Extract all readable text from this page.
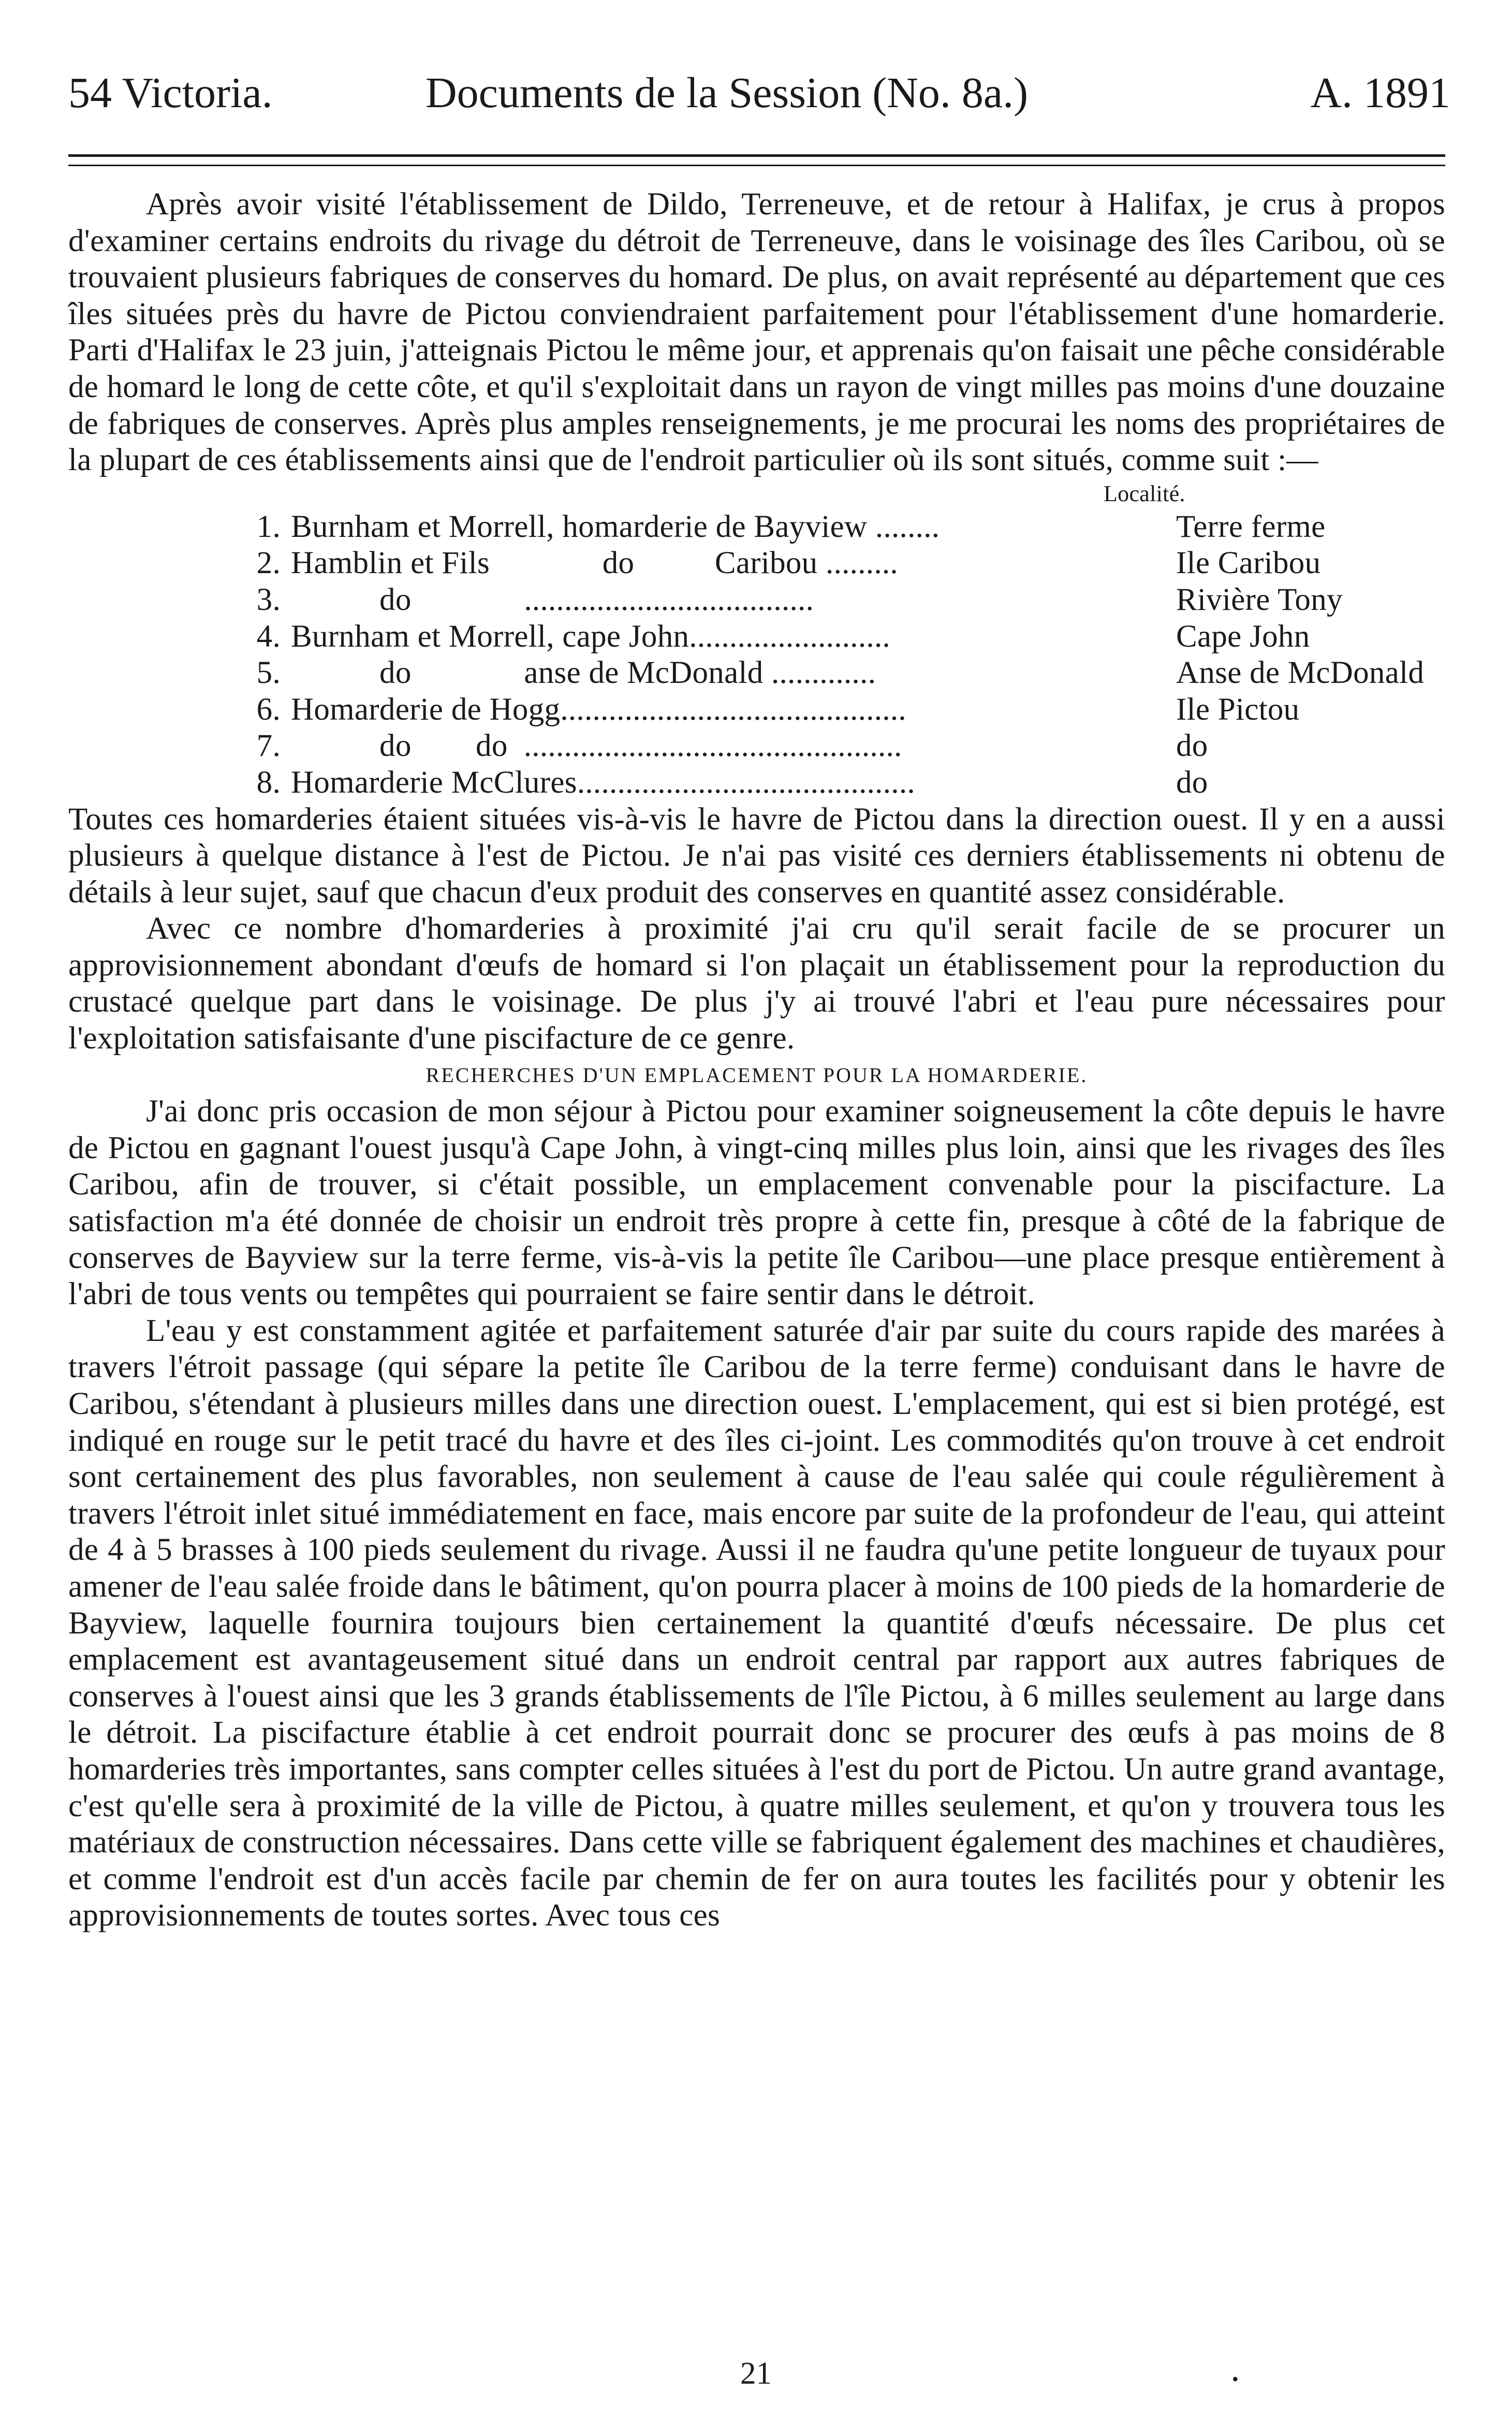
54 Victoria.	Documents de la Session (No. 8a.)	A. 1891

Après avoir visité l'établissement de Dildo, Terreneuve, et de retour à Halifax, je crus à propos d'examiner certains endroits du rivage du détroit de Terreneuve, dans le voisinage des îles Caribou, où se trouvaient plusieurs fabriques de conserves du homard. De plus, on avait représenté au département que ces îles situées près du havre de Pictou conviendraient parfaitement pour l'établissement d'une homarderie. Parti d'Halifax le 23 juin, j'atteignais Pictou le même jour, et apprenais qu'on faisait une pêche considérable de homard le long de cette côte, et qu'il s'exploitait dans un rayon de vingt milles pas moins d'une douzaine de fabriques de conserves. Après plus amples renseignements, je me procurai les noms des propriétaires de la plupart de ces établissements ainsi que de l'endroit particulier où ils sont situés, comme suit :—

Localité.
1. Burnham et Morrell, homarderie de Bayview ........	Terre ferme
2. Hamblin et Fils              do          Caribou .........	Ile Caribou
3. do              ....................................	Rivière Tony
4. Burnham et Morrell, cape John.........................	Cape John
5. do              anse de McDonald .............	Anse de McDonald
6. Homarderie de Hogg...........................................	Ile Pictou
7. do        do  ...............................................	do
8. Homarderie McClures..........................................	do

Toutes ces homarderies étaient situées vis-à-vis le havre de Pictou dans la direction ouest. Il y en a aussi plusieurs à quelque distance à l'est de Pictou. Je n'ai pas visité ces derniers établissements ni obtenu de détails à leur sujet, sauf que chacun d'eux produit des conserves en quantité assez considérable.

Avec ce nombre d'homarderies à proximité j'ai cru qu'il serait facile de se procurer un approvisionnement abondant d'œufs de homard si l'on plaçait un établissement pour la reproduction du crustacé quelque part dans le voisinage. De plus j'y ai trouvé l'abri et l'eau pure nécessaires pour l'exploitation satisfaisante d'une piscifacture de ce genre.

RECHERCHES D'UN EMPLACEMENT POUR LA HOMARDERIE.

J'ai donc pris occasion de mon séjour à Pictou pour examiner soigneusement la côte depuis le havre de Pictou en gagnant l'ouest jusqu'à Cape John, à vingt-cinq milles plus loin, ainsi que les rivages des îles Caribou, afin de trouver, si c'était possible, un emplacement convenable pour la piscifacture. La satisfaction m'a été donnée de choisir un endroit très propre à cette fin, presque à côté de la fabrique de conserves de Bayview sur la terre ferme, vis-à-vis la petite île Caribou—une place presque entièrement à l'abri de tous vents ou tempêtes qui pourraient se faire sentir dans le détroit.

L'eau y est constamment agitée et parfaitement saturée d'air par suite du cours rapide des marées à travers l'étroit passage (qui sépare la petite île Caribou de la terre ferme) conduisant dans le havre de Caribou, s'étendant à plusieurs milles dans une direction ouest. L'emplacement, qui est si bien protégé, est indiqué en rouge sur le petit tracé du havre et des îles ci-joint. Les commodités qu'on trouve à cet endroit sont certainement des plus favorables, non seulement à cause de l'eau salée qui coule régulièrement à travers l'étroit inlet situé immédiatement en face, mais encore par suite de la profondeur de l'eau, qui atteint de 4 à 5 brasses à 100 pieds seulement du rivage. Aussi il ne faudra qu'une petite longueur de tuyaux pour amener de l'eau salée froide dans le bâtiment, qu'on pourra placer à moins de 100 pieds de la homarderie de Bayview, laquelle fournira toujours bien certainement la quantité d'œufs nécessaire. De plus cet emplacement est avantageusement situé dans un endroit central par rapport aux autres fabriques de conserves à l'ouest ainsi que les 3 grands établissements de l'île Pictou, à 6 milles seulement au large dans le détroit. La piscifacture établie à cet endroit pourrait donc se procurer des œufs à pas moins de 8 homarderies très importantes, sans compter celles situées à l'est du port de Pictou. Un autre grand avantage, c'est qu'elle sera à proximité de la ville de Pictou, à quatre milles seulement, et qu'on y trouvera tous les matériaux de construction nécessaires. Dans cette ville se fabriquent également des machines et chaudières, et comme l'endroit est d'un accès facile par chemin de fer on aura toutes les facilités pour y obtenir les approvisionnements de toutes sortes. Avec tous ces

21	•
